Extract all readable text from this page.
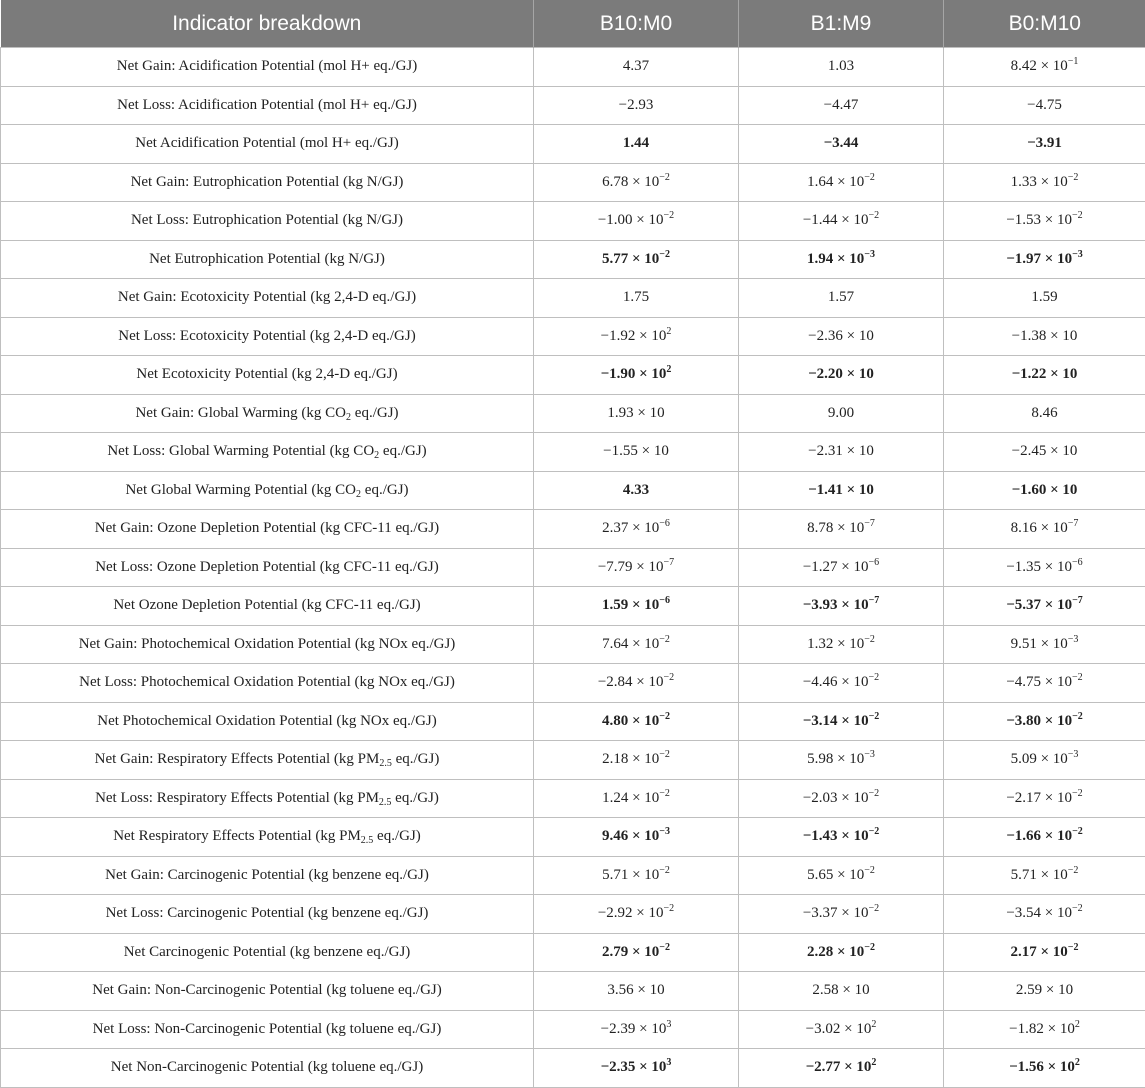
Indicator breakdown	B10:M0	B1:M9	B0:M10
Net Gain: Acidification Potential (mol H+ eq./GJ)	4.37	1.03	$8.42 \times 10^{-1}$
Net Loss: Acidification Potential (mol H+ eq./GJ)	−2.93	−4.47	−4.75
Net Acidification Potential (mol H+ eq./GJ)	1.44	−3.44	−3.91
Net Gain: Eutrophication Potential (kg N/GJ)	$6.78 \times 10^{-2}$	$1.64 \times 10^{-2}$	$1.33 \times 10^{-2}$
Net Loss: Eutrophication Potential (kg N/GJ)	$-1.00 \times 10^{-2}$	$-1.44 \times 10^{-2}$	$-1.53 \times 10^{-2}$
Net Eutrophication Potential (kg N/GJ)	$5.77 \times 10^{-2}$	$1.94 \times 10^{-3}$	$-1.97 \times 10^{-3}$
Net Gain: Ecotoxicity Potential (kg 2,4-D eq./GJ)	1.75	1.57	1.59
Net Loss: Ecotoxicity Potential (kg 2,4-D eq./GJ)	$-1.92 \times 10^2$	−2.36 × 10	−1.38 × 10
Net Ecotoxicity Potential (kg 2,4-D eq./GJ)	$-1.90 \times 10^2$	−2.20 × 10	−1.22 × 10
Net Gain: Global Warming (kg $CO_2$ eq./GJ)	1.93 × 10	9.00	8.46
Net Loss: Global Warming Potential (kg $CO_2$ eq./GJ)	−1.55 × 10	−2.31 × 10	−2.45 × 10
Net Global Warming Potential (kg $CO_2$ eq./GJ)	4.33	−1.41 × 10	−1.60 × 10
Net Gain: Ozone Depletion Potential (kg CFC-11 eq./GJ)	$2.37 \times 10^{-6}$	$8.78 \times 10^{-7}$	$8.16 \times 10^{-7}$
Net Loss: Ozone Depletion Potential (kg CFC-11 eq./GJ)	$-7.79 \times 10^{-7}$	$-1.27 \times 10^{-6}$	$-1.35 \times 10^{-6}$
Net Ozone Depletion Potential (kg CFC-11 eq./GJ)	$1.59 \times 10^{-6}$	$-3.93 \times 10^{-7}$	$-5.37 \times 10^{-7}$
Net Gain: Photochemical Oxidation Potential (kg NOx eq./GJ)	$7.64 \times 10^{-2}$	$1.32 \times 10^{-2}$	$9.51 \times 10^{-3}$
Net Loss: Photochemical Oxidation Potential (kg NOx eq./GJ)	$-2.84 \times 10^{-2}$	$-4.46 \times 10^{-2}$	$-4.75 \times 10^{-2}$
Net Photochemical Oxidation Potential (kg NOx eq./GJ)	$4.80 \times 10^{-2}$	$-3.14 \times 10^{-2}$	$-3.80 \times 10^{-2}$
Net Gain: Respiratory Effects Potential (kg $PM_{2.5}$ eq./GJ)	$2.18 \times 10^{-2}$	$5.98 \times 10^{-3}$	$5.09 \times 10^{-3}$
Net Loss: Respiratory Effects Potential (kg $PM_{2.5}$ eq./GJ)	$1.24 \times 10^{-2}$	$-2.03 \times 10^{-2}$	$-2.17 \times 10^{-2}$
Net Respiratory Effects Potential (kg $PM_{2.5}$ eq./GJ)	$9.46 \times 10^{-3}$	$-1.43 \times 10^{-2}$	$-1.66 \times 10^{-2}$
Net Gain: Carcinogenic Potential (kg benzene eq./GJ)	$5.71 \times 10^{-2}$	$5.65 \times 10^{-2}$	$5.71 \times 10^{-2}$
Net Loss: Carcinogenic Potential (kg benzene eq./GJ)	$-2.92 \times 10^{-2}$	$-3.37 \times 10^{-2}$	$-3.54 \times 10^{-2}$
Net Carcinogenic Potential (kg benzene eq./GJ)	$2.79 \times 10^{-2}$	$2.28 \times 10^{-2}$	$2.17 \times 10^{-2}$
Net Gain: Non-Carcinogenic Potential (kg toluene eq./GJ)	3.56 × 10	2.58 × 10	2.59 × 10
Net Loss: Non-Carcinogenic Potential (kg toluene eq./GJ)	$-2.39 \times 10^3$	$-3.02 \times 10^2$	$-1.82 \times 10^2$
Net Non-Carcinogenic Potential (kg toluene eq./GJ)	$-2.35 \times 10^3$	$-2.77 \times 10^2$	$-1.56 \times 10^2$
